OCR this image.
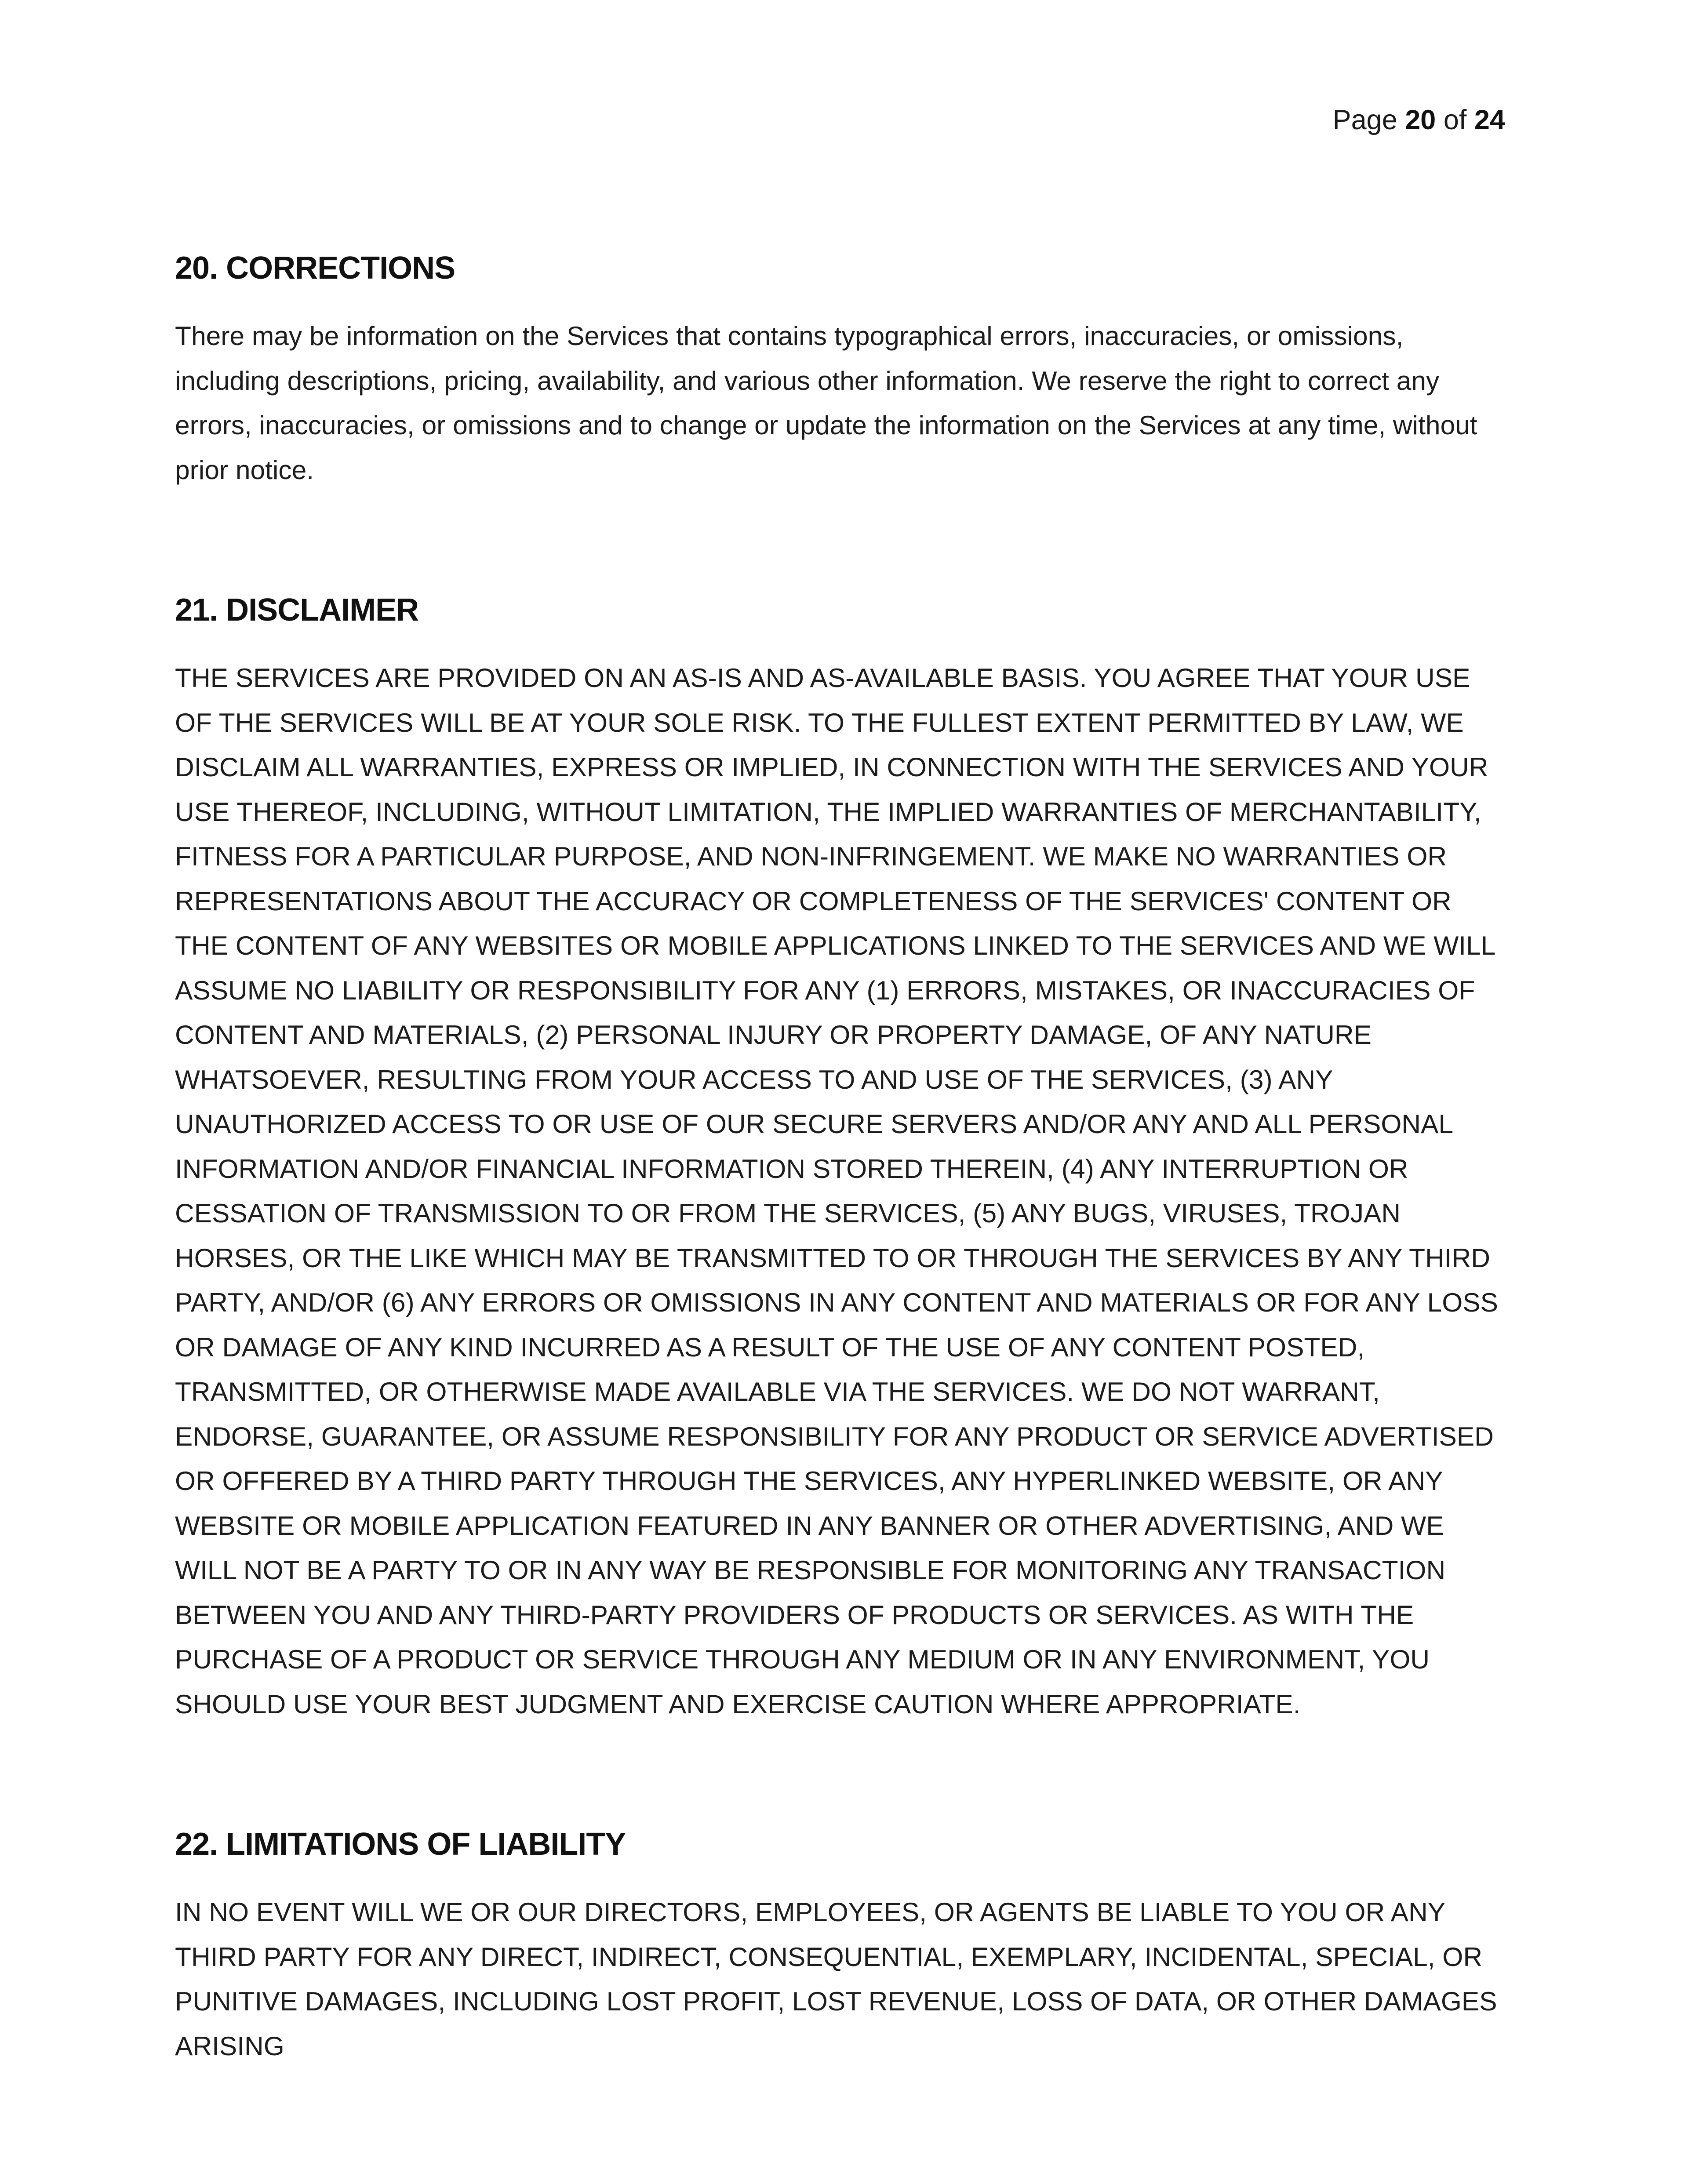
Page 20 of 24
20. CORRECTIONS

There may be information on the Services that contains typographical errors, inaccuracies, or omissions, including descriptions, pricing, availability, and various other information. We reserve the right to correct any errors, inaccuracies, or omissions and to change or update the information on the Services at any time, without prior notice.

21. DISCLAIMER

THE SERVICES ARE PROVIDED ON AN AS-IS AND AS-AVAILABLE BASIS. YOU AGREE THAT YOUR USE OF THE SERVICES WILL BE AT YOUR SOLE RISK. TO THE FULLEST EXTENT PERMITTED BY LAW, WE DISCLAIM ALL WARRANTIES, EXPRESS OR IMPLIED, IN CONNECTION WITH THE SERVICES AND YOUR USE THEREOF, INCLUDING, WITHOUT LIMITATION, THE IMPLIED WARRANTIES OF MERCHANTABILITY, FITNESS FOR A PARTICULAR PURPOSE, AND NON-INFRINGEMENT. WE MAKE NO WARRANTIES OR REPRESENTATIONS ABOUT THE ACCURACY OR COMPLETENESS OF THE SERVICES' CONTENT OR THE CONTENT OF ANY WEBSITES OR MOBILE APPLICATIONS LINKED TO THE SERVICES AND WE WILL ASSUME NO LIABILITY OR RESPONSIBILITY FOR ANY (1) ERRORS, MISTAKES, OR INACCURACIES OF CONTENT AND MATERIALS, (2) PERSONAL INJURY OR PROPERTY DAMAGE, OF ANY NATURE WHATSOEVER, RESULTING FROM YOUR ACCESS TO AND USE OF THE SERVICES, (3) ANY UNAUTHORIZED ACCESS TO OR USE OF OUR SECURE SERVERS AND/OR ANY AND ALL PERSONAL INFORMATION AND/OR FINANCIAL INFORMATION STORED THEREIN, (4) ANY INTERRUPTION OR CESSATION OF TRANSMISSION TO OR FROM THE SERVICES, (5) ANY BUGS, VIRUSES, TROJAN HORSES, OR THE LIKE WHICH MAY BE TRANSMITTED TO OR THROUGH THE SERVICES BY ANY THIRD PARTY, AND/OR (6) ANY ERRORS OR OMISSIONS IN ANY CONTENT AND MATERIALS OR FOR ANY LOSS OR DAMAGE OF ANY KIND INCURRED AS A RESULT OF THE USE OF ANY CONTENT POSTED, TRANSMITTED, OR OTHERWISE MADE AVAILABLE VIA THE SERVICES. WE DO NOT WARRANT, ENDORSE, GUARANTEE, OR ASSUME RESPONSIBILITY FOR ANY PRODUCT OR SERVICE ADVERTISED OR OFFERED BY A THIRD PARTY THROUGH THE SERVICES, ANY HYPERLINKED WEBSITE, OR ANY WEBSITE OR MOBILE APPLICATION FEATURED IN ANY BANNER OR OTHER ADVERTISING, AND WE WILL NOT BE A PARTY TO OR IN ANY WAY BE RESPONSIBLE FOR MONITORING ANY TRANSACTION BETWEEN YOU AND ANY THIRD-PARTY PROVIDERS OF PRODUCTS OR SERVICES. AS WITH THE PURCHASE OF A PRODUCT OR SERVICE THROUGH ANY MEDIUM OR IN ANY ENVIRONMENT, YOU SHOULD USE YOUR BEST JUDGMENT AND EXERCISE CAUTION WHERE APPROPRIATE.

22. LIMITATIONS OF LIABILITY

IN NO EVENT WILL WE OR OUR DIRECTORS, EMPLOYEES, OR AGENTS BE LIABLE TO YOU OR ANY THIRD PARTY FOR ANY DIRECT, INDIRECT, CONSEQUENTIAL, EXEMPLARY, INCIDENTAL, SPECIAL, OR PUNITIVE DAMAGES, INCLUDING LOST PROFIT, LOST REVENUE, LOSS OF DATA, OR OTHER DAMAGES ARISING
